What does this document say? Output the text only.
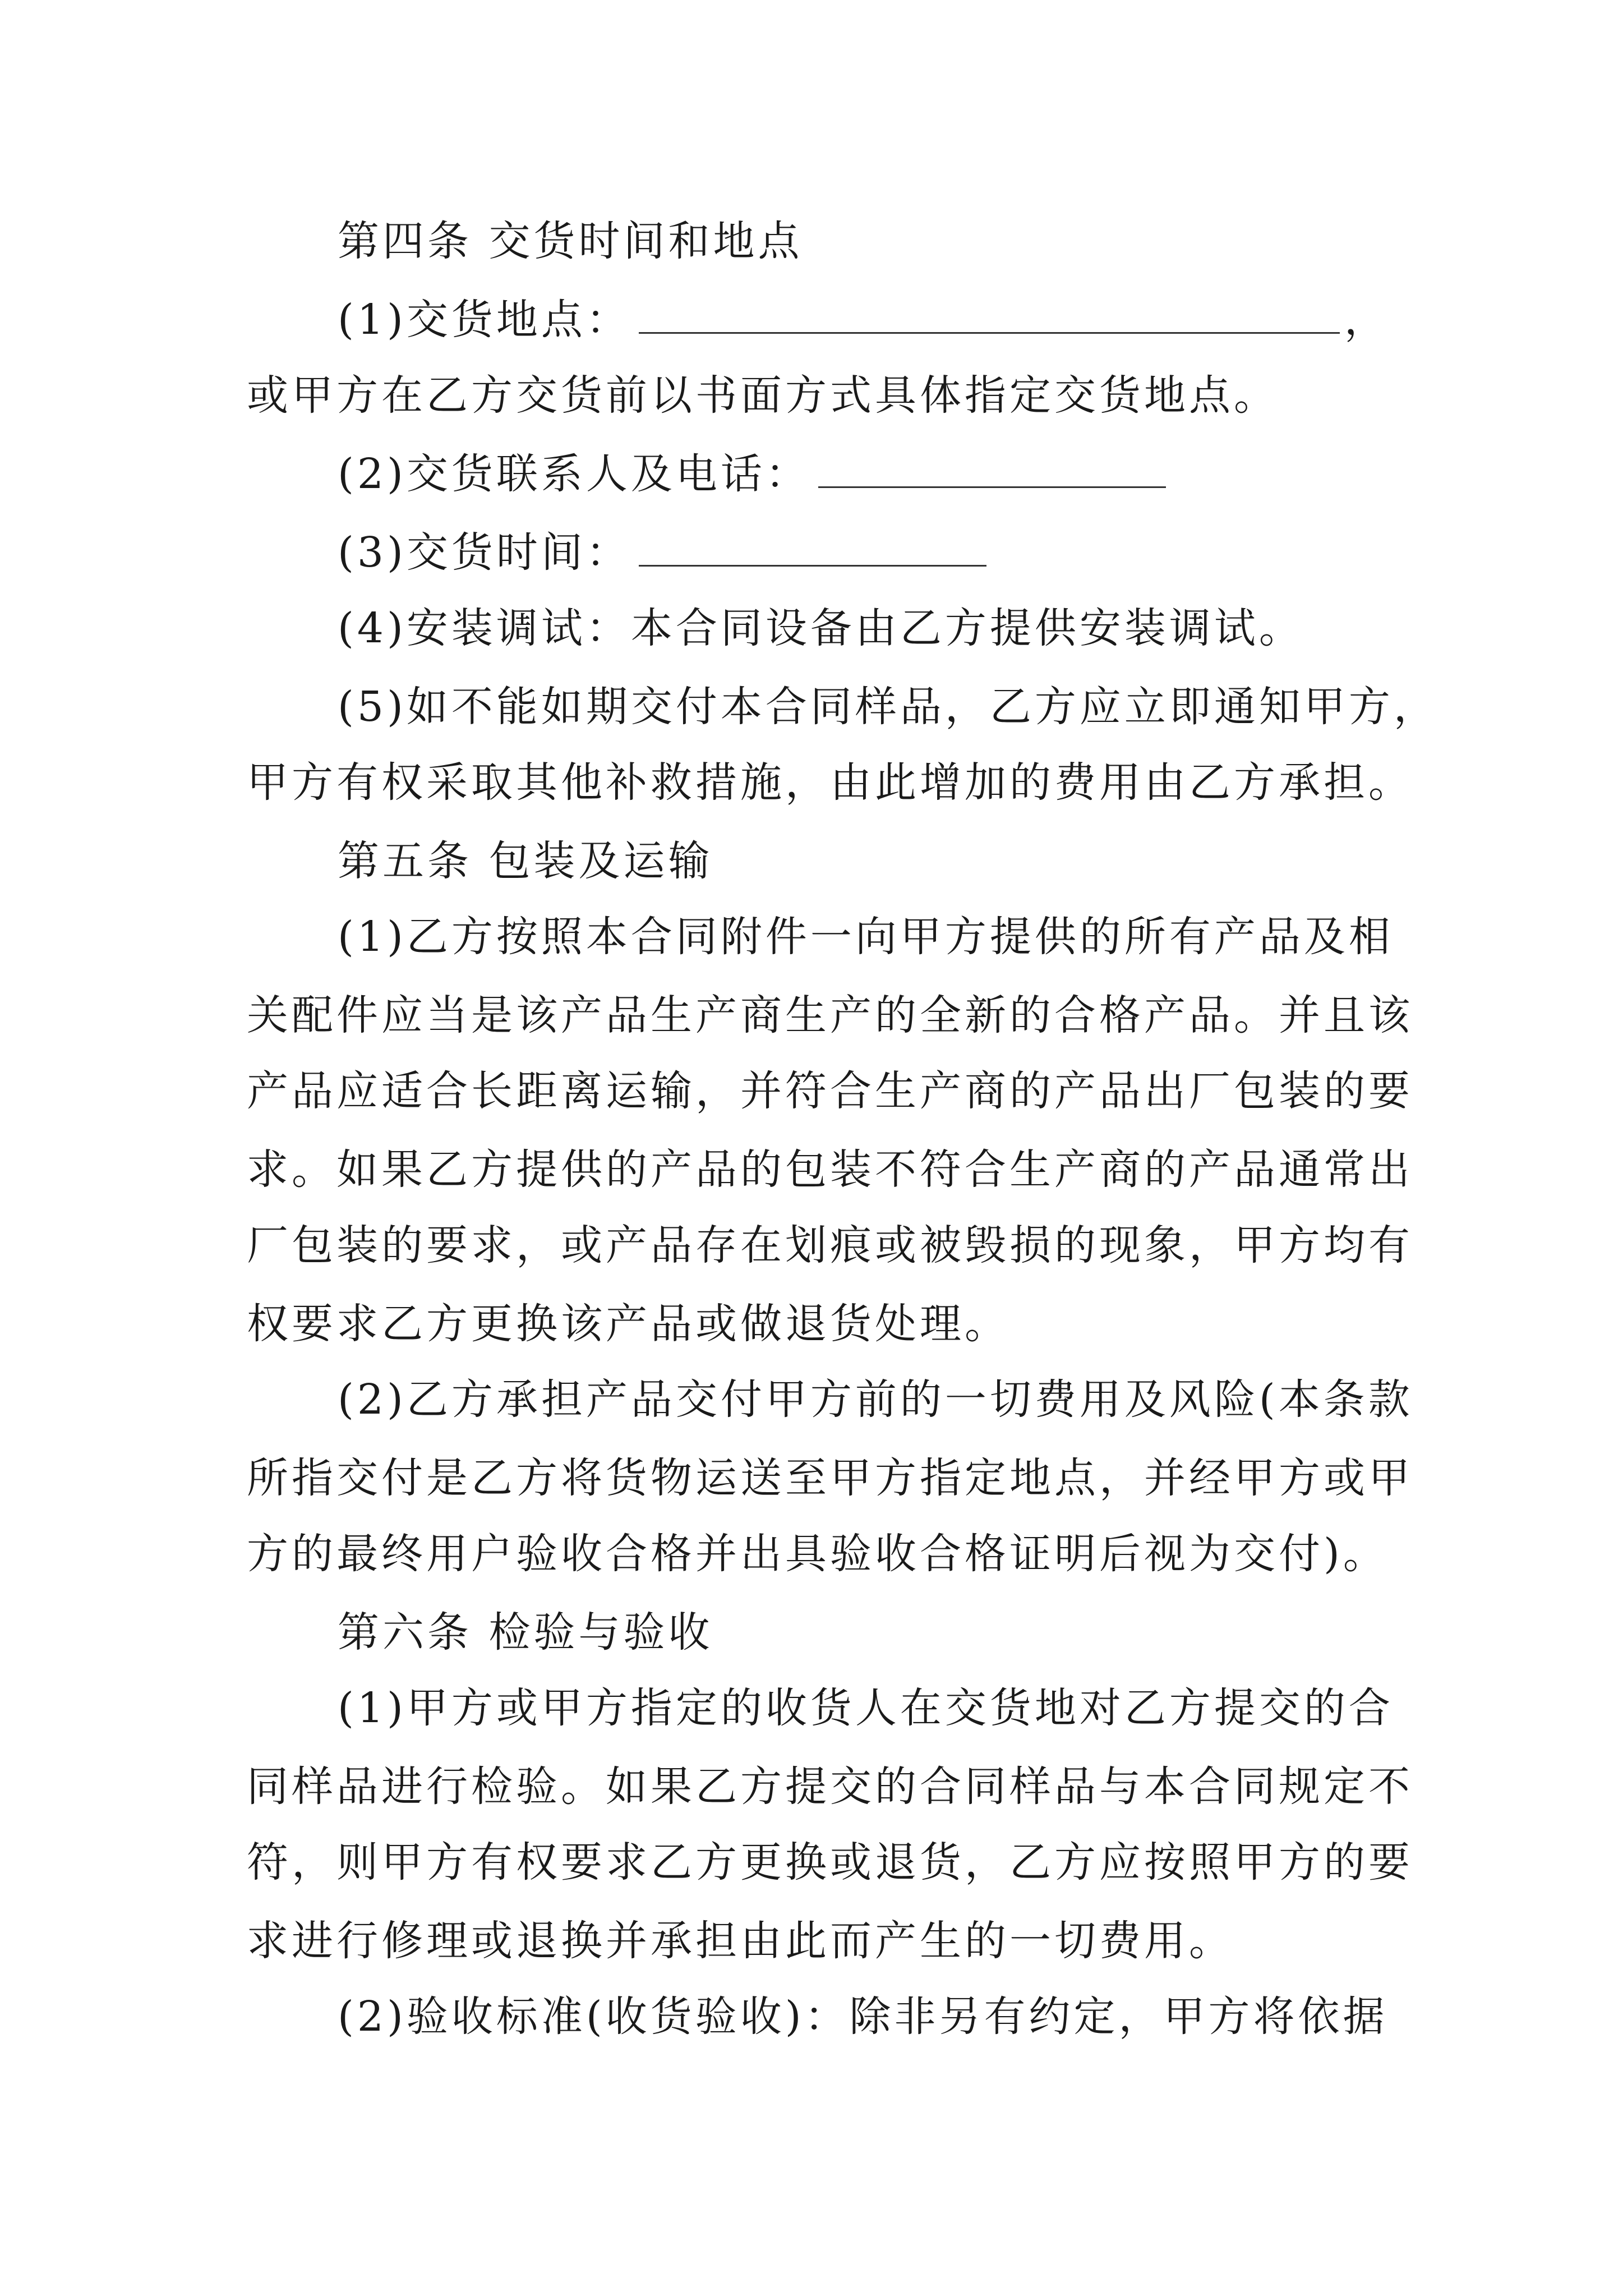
第四条 交货时间和地点
(1)交货地点：	，
或甲方在乙方交货前以书面方式具体指定交货地点。
(2)交货联系人及电话：
(3)交货时间：
(4)安装调试：本合同设备由乙方提供安装调试。
(5)如不能如期交付本合同样品，乙方应立即通知甲方，
甲方有权采取其他补救措施，由此增加的费用由乙方承担。
第五条 包装及运输
(1)乙方按照本合同附件一向甲方提供的所有产品及相
关配件应当是该产品生产商生产的全新的合格产品。并且该
产品应适合长距离运输，并符合生产商的产品出厂包装的要
求。如果乙方提供的产品的包装不符合生产商的产品通常出
厂包装的要求，或产品存在划痕或被毁损的现象，甲方均有
权要求乙方更换该产品或做退货处理。
(2)乙方承担产品交付甲方前的一切费用及风险(本条款
所指交付是乙方将货物运送至甲方指定地点，并经甲方或甲
方的最终用户验收合格并出具验收合格证明后视为交付)。
第六条 检验与验收
(1)甲方或甲方指定的收货人在交货地对乙方提交的合
同样品进行检验。如果乙方提交的合同样品与本合同规定不
符，则甲方有权要求乙方更换或退货，乙方应按照甲方的要
求进行修理或退换并承担由此而产生的一切费用。
(2)验收标准(收货验收)：除非另有约定，甲方将依据
